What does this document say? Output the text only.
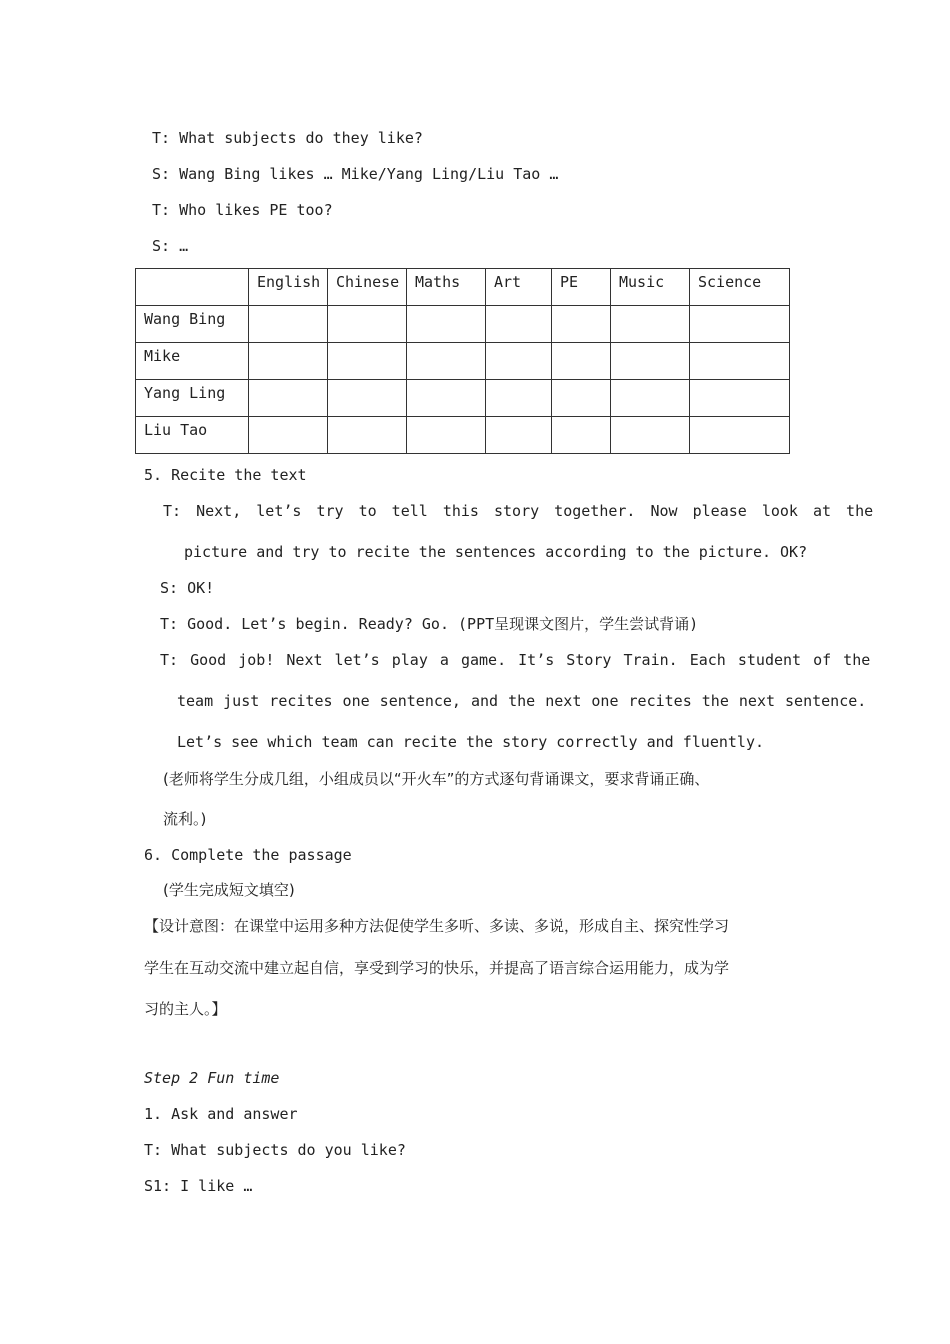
T: What subjects do they like?
S: Wang Bing likes … Mike/Yang Ling/Liu Tao …
T: Who likes PE too?
S: …
	English	Chinese	Maths	Art	PE	Music	Science
Wang Bing							
Mike							
Yang Ling							
Liu Tao							
5. Recite the text
T: Next, let’s try to tell this story together. Now please look at the
picture and try to recite the sentences according to the picture. OK?
S: OK!
T: Good. Let’s begin. Ready? Go. (PPT呈现课文图片，学生尝试背诵)
T: Good job! Next let’s play a game. It’s Story Train. Each student of the
team just recites one sentence, and the next one recites the next sentence.
Let’s see which team can recite the story correctly and fluently.
(老师将学生分成几组，小组成员以“开火车”的方式逐句背诵课文，要求背诵正确、
流利。)
6. Complete the passage
(学生完成短文填空)
【设计意图：在课堂中运用多种方法促使学生多听、多读、多说，形成自主、探究性学习
学生在互动交流中建立起自信，享受到学习的快乐，并提高了语言综合运用能力，成为学
习的主人。】
Step 2 Fun time
1. Ask and answer
T: What subjects do you like?
S1: I like …
